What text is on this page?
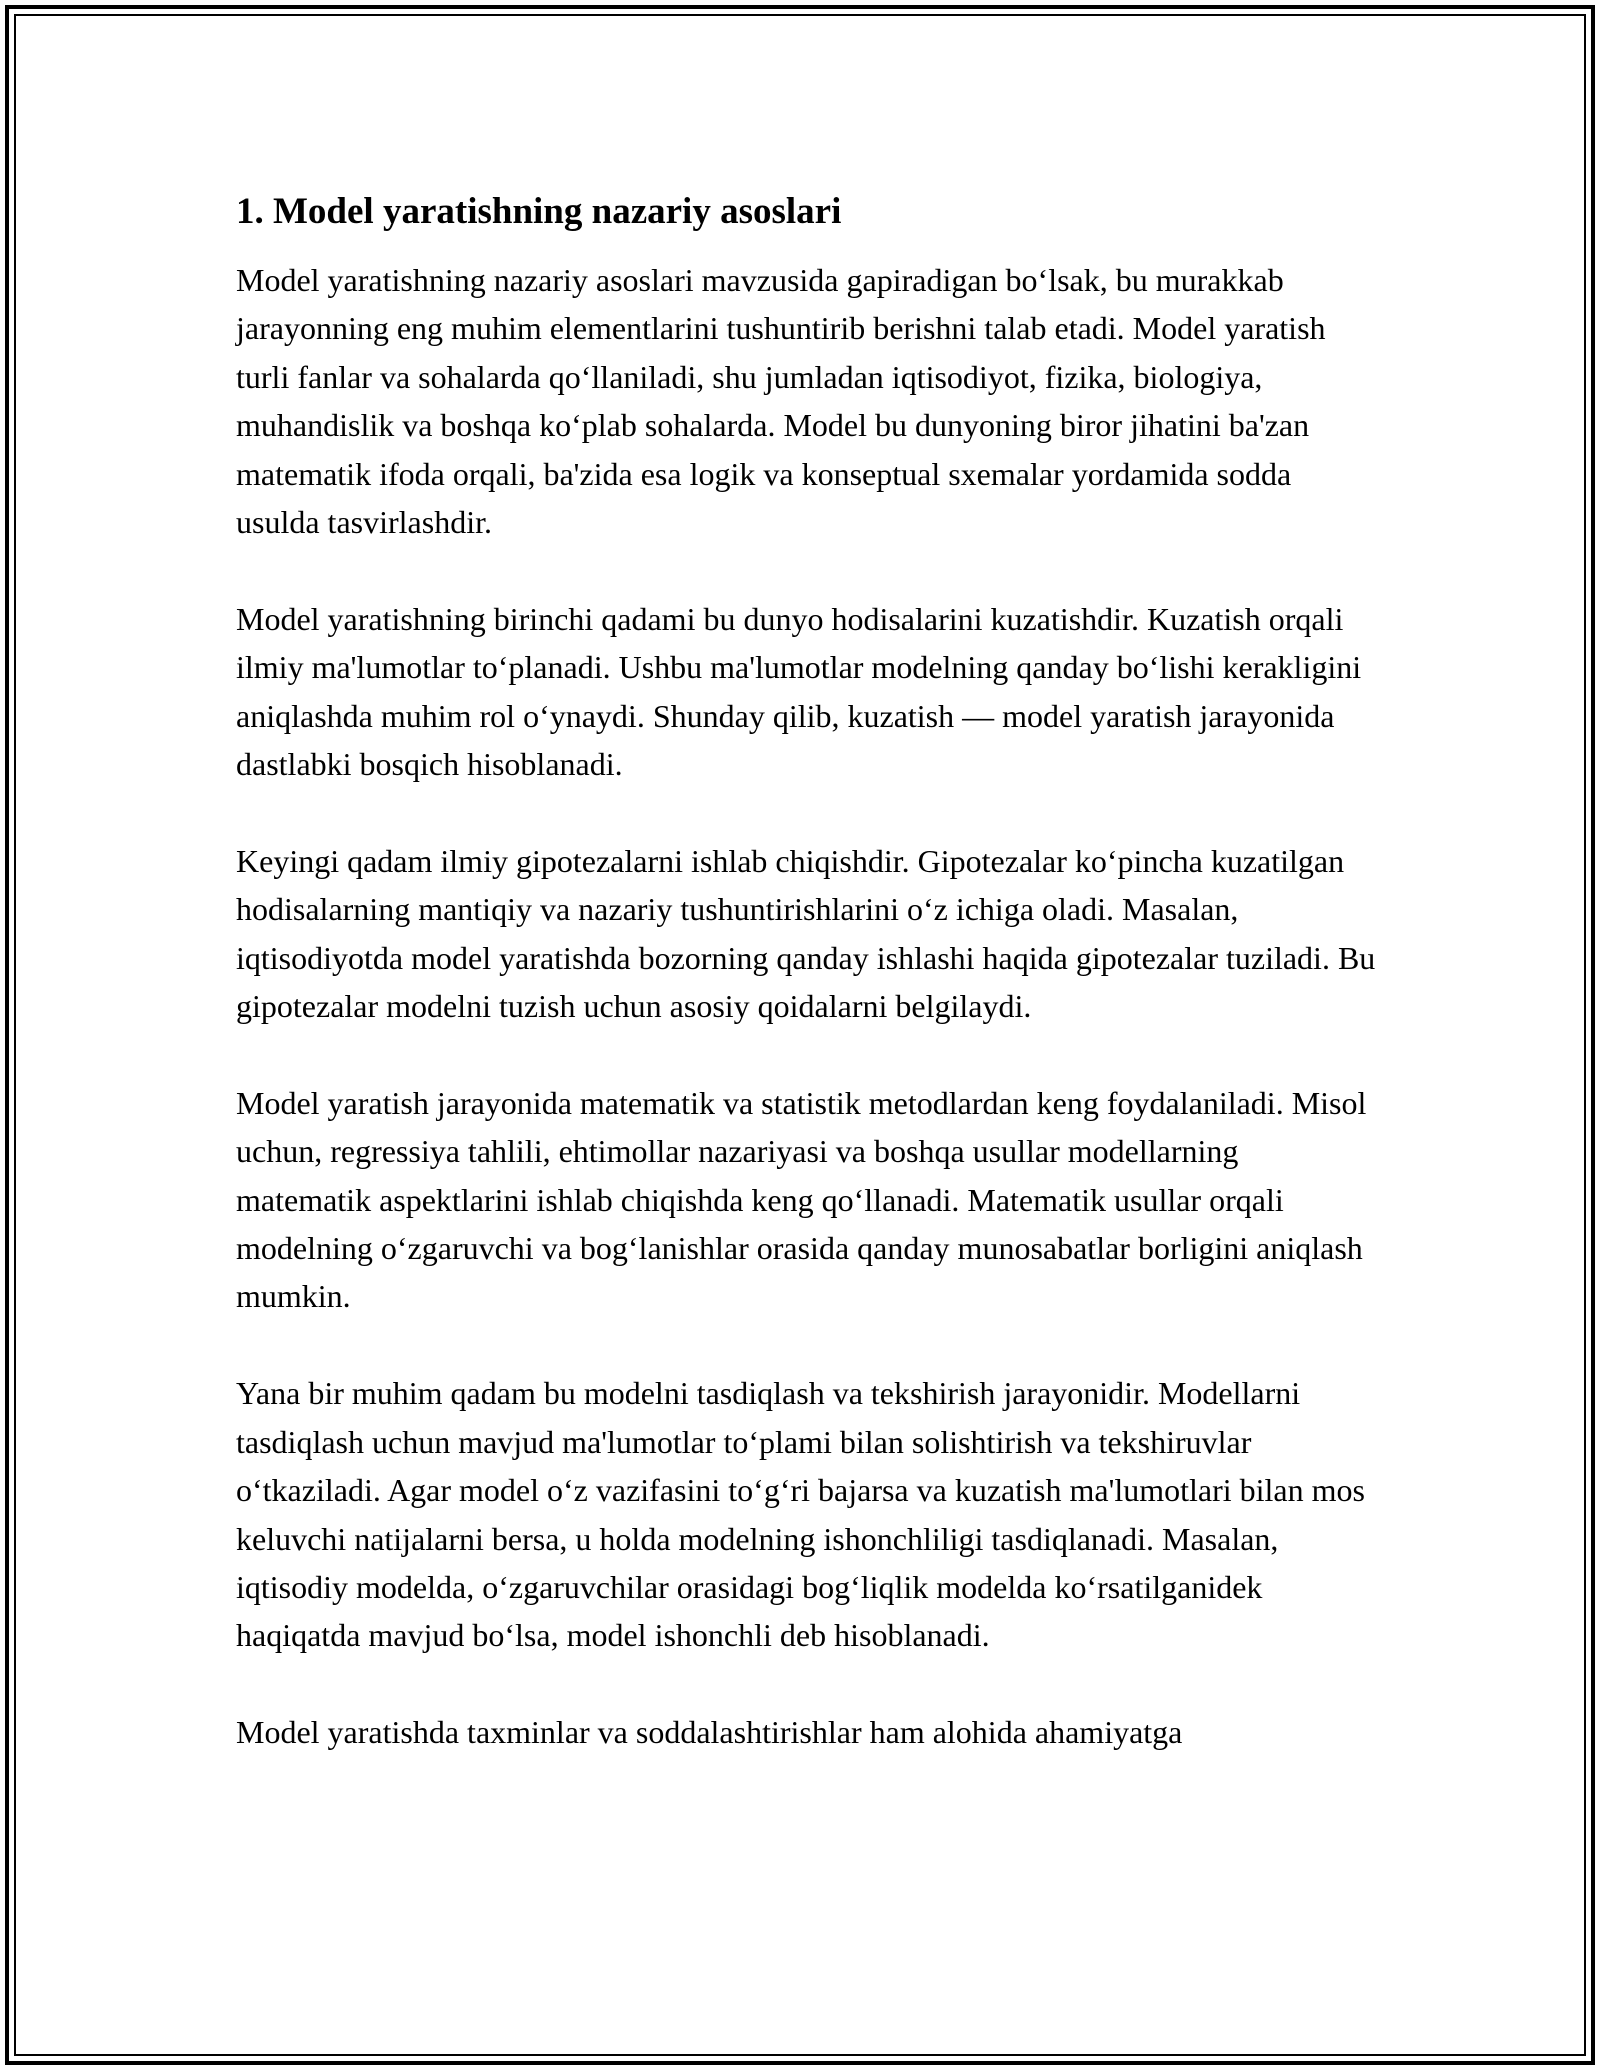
1. Model yaratishning nazariy asoslari

Model yaratishning nazariy asoslari mavzusida gapiradigan bo‘lsak, bu murakkab jarayonning eng muhim elementlarini tushuntirib berishni talab etadi. Model yaratish turli fanlar va sohalarda qo‘llaniladi, shu jumladan iqtisodiyot, fizika, biologiya, muhandislik va boshqa ko‘plab sohalarda. Model bu dunyoning biror jihatini ba'zan matematik ifoda orqali, ba'zida esa logik va konseptual sxemalar yordamida sodda usulda tasvirlashdir.

Model yaratishning birinchi qadami bu dunyo hodisalarini kuzatishdir. Kuzatish orqali ilmiy ma'lumotlar to‘planadi. Ushbu ma'lumotlar modelning qanday bo‘lishi kerakligini aniqlashda muhim rol o‘ynaydi. Shunday qilib, kuzatish — model yaratish jarayonida dastlabki bosqich hisoblanadi.

Keyingi qadam ilmiy gipotezalarni ishlab chiqishdir. Gipotezalar ko‘pincha kuzatilgan hodisalarning mantiqiy va nazariy tushuntirishlarini o‘z ichiga oladi. Masalan, iqtisodiyotda model yaratishda bozorning qanday ishlashi haqida gipotezalar tuziladi. Bu gipotezalar modelni tuzish uchun asosiy qoidalarni belgilaydi.

Model yaratish jarayonida matematik va statistik metodlardan keng foydalaniladi. Misol uchun, regressiya tahlili, ehtimollar nazariyasi va boshqa usullar modellarning matematik aspektlarini ishlab chiqishda keng qo‘llanadi. Matematik usullar orqali modelning o‘zgaruvchi va bog‘lanishlar orasida qanday munosabatlar borligini aniqlash mumkin.

Yana bir muhim qadam bu modelni tasdiqlash va tekshirish jarayonidir. Modellarni tasdiqlash uchun mavjud ma'lumotlar to‘plami bilan solishtirish va tekshiruvlar o‘tkaziladi. Agar model o‘z vazifasini to‘g‘ri bajarsa va kuzatish ma'lumotlari bilan mos keluvchi natijalarni bersa, u holda modelning ishonchliligi tasdiqlanadi. Masalan, iqtisodiy modelda, o‘zgaruvchilar orasidagi bog‘liqlik modelda ko‘rsatilganidek haqiqatda mavjud bo‘lsa, model ishonchli deb hisoblanadi.

Model yaratishda taxminlar va soddalashtirishlar ham alohida ahamiyatga
